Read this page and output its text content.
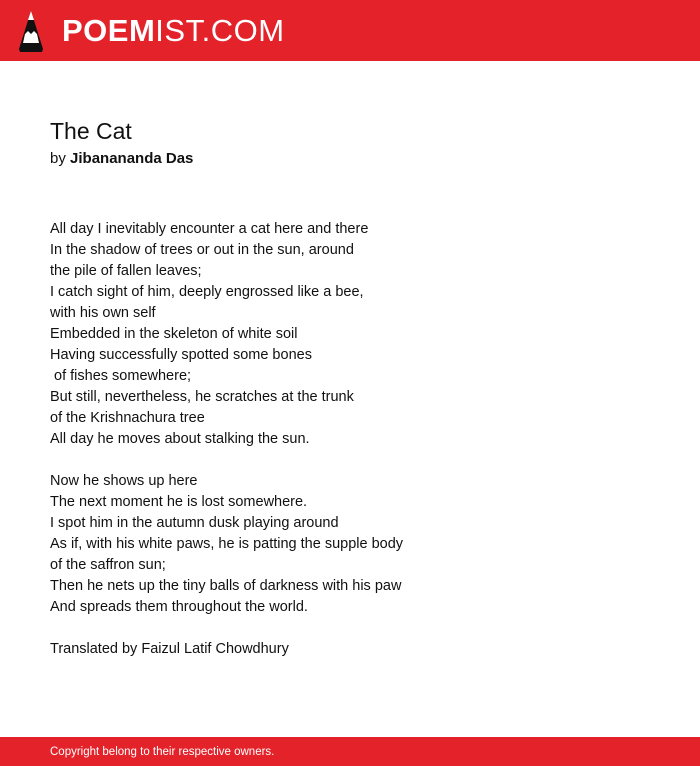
POEMIST.COM
The Cat
by Jibanananda Das
All day I inevitably encounter a cat here and there
In the shadow of trees or out in the sun, around
the pile of fallen leaves;
I catch sight of him, deeply engrossed like a bee,
with his own self
Embedded in the skeleton of white soil
Having successfully spotted some bones
of fishes somewhere;
But still, nevertheless, he scratches at the trunk
of the Krishnachura tree
All day he moves about stalking the sun.
Now he shows up here
The next moment he is lost somewhere.
I spot him in the autumn dusk playing around
As if, with his white paws, he is patting the supple body
of the saffron sun;
Then he nets up the tiny balls of darkness with his paw
And spreads them throughout the world.
Translated by Faizul Latif Chowdhury
Copyright belong to their respective owners.
